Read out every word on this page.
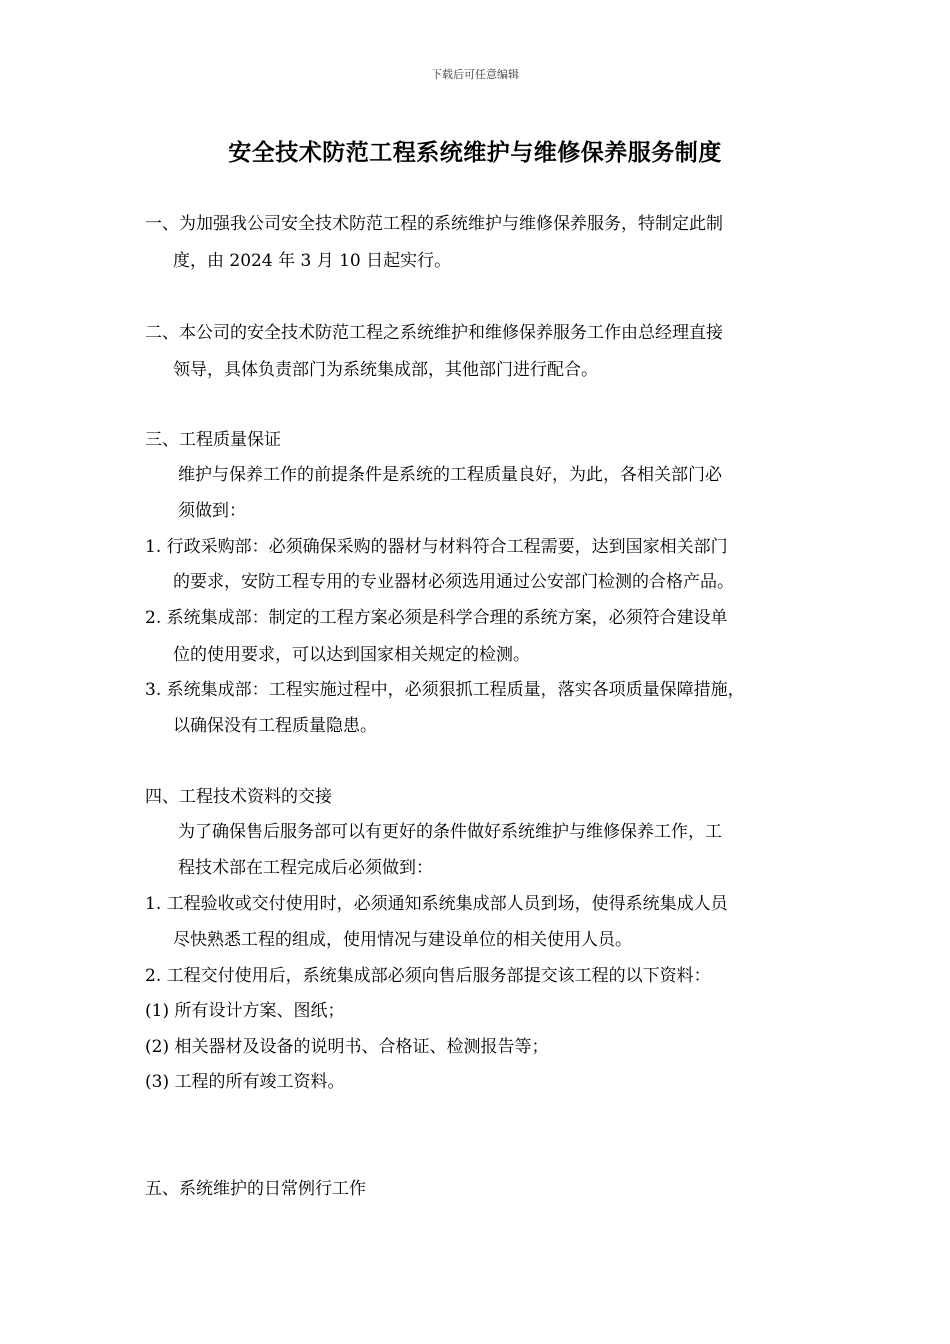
下载后可任意编辑
安全技术防范工程系统维护与维修保养服务制度
一、为加强我公司安全技术防范工程的系统维护与维修保养服务，特制定此制
度，由 2024 年 3 月 10 日起实行。
二、本公司的安全技术防范工程之系统维护和维修保养服务工作由总经理直接
领导，具体负责部门为系统集成部，其他部门进行配合。
三、工程质量保证
维护与保养工作的前提条件是系统的工程质量良好，为此，各相关部门必
须做到：
1. 行政采购部：必须确保采购的器材与材料符合工程需要，达到国家相关部门
的要求，安防工程专用的专业器材必须选用通过公安部门检测的合格产品。
2. 系统集成部：制定的工程方案必须是科学合理的系统方案，必须符合建设单
位的使用要求，可以达到国家相关规定的检测。
3. 系统集成部：工程实施过程中，必须狠抓工程质量，落实各项质量保障措施，
以确保没有工程质量隐患。
四、工程技术资料的交接
为了确保售后服务部可以有更好的条件做好系统维护与维修保养工作，工
程技术部在工程完成后必须做到：
1. 工程验收或交付使用时，必须通知系统集成部人员到场，使得系统集成人员
尽快熟悉工程的组成，使用情况与建设单位的相关使用人员。
2. 工程交付使用后，系统集成部必须向售后服务部提交该工程的以下资料：
(1) 所有设计方案、图纸；
(2) 相关器材及设备的说明书、合格证、检测报告等；
(3) 工程的所有竣工资料。
五、系统维护的日常例行工作
